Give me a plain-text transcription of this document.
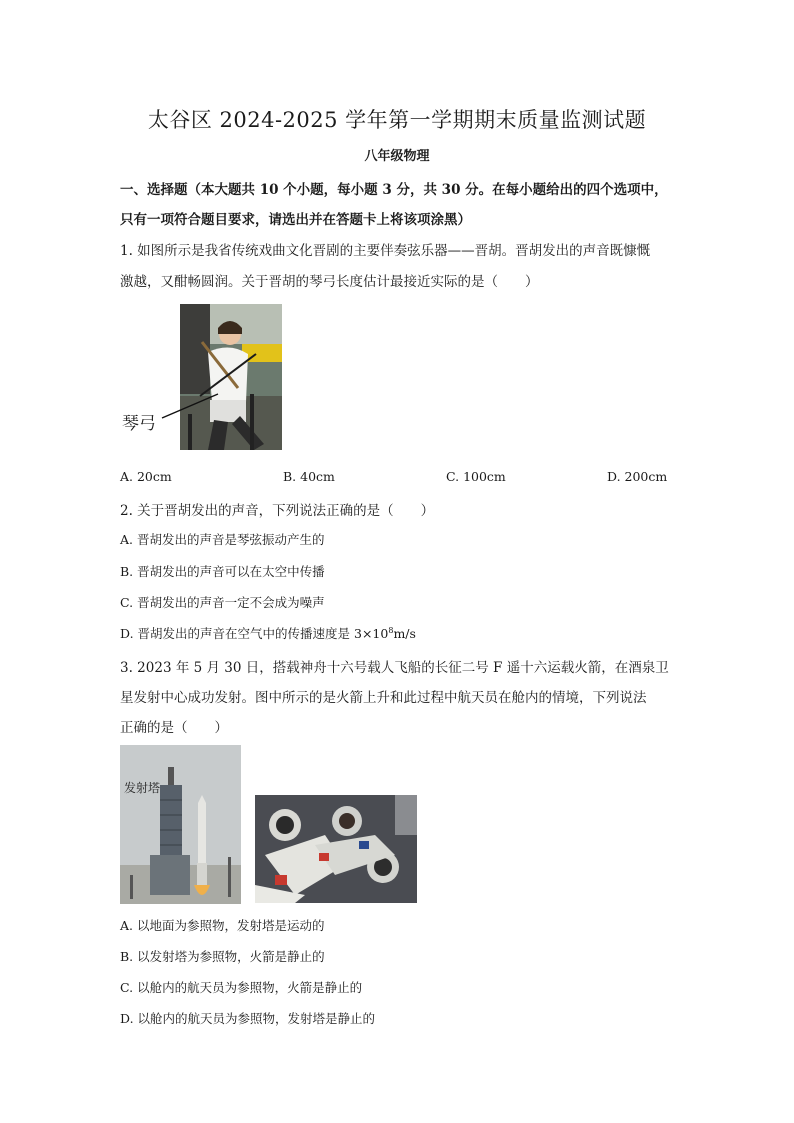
太谷区 2024-2025 学年第一学期期末质量监测试题
八年级物理
一、选择题（本大题共 10 个小题，每小题 3 分，共 30 分。在每小题给出的四个选项中，
只有一项符合题目要求，请选出并在答题卡上将该项涂黑）
1. 如图所示是我省传统戏曲文化晋剧的主要伴奏弦乐器——晋胡。晋胡发出的声音既慷慨
激越，又酣畅圆润。关于晋胡的琴弓长度估计最接近实际的是（　　）
琴弓
A. 20cm	B. 40cm	C. 100cm	D. 200cm
2. 关于晋胡发出的声音，下列说法正确的是（　　）
A. 晋胡发出的声音是琴弦振动产生的
B. 晋胡发出的声音可以在太空中传播
C. 晋胡发出的声音一定不会成为噪声
D. 晋胡发出的声音在空气中的传播速度是 $3\times 10^8m/s$
3. 2023 年 5 月 30 日，搭载神舟十六号载人飞船的长征二号 F 遥十六运载火箭，在酒泉卫
星发射中心成功发射。图中所示的是火箭上升和此过程中航天员在舱内的情境，下列说法
正确的是（　　）
发射塔
A. 以地面为参照物，发射塔是运动的
B. 以发射塔为参照物，火箭是静止的
C. 以舱内的航天员为参照物，火箭是静止的
D. 以舱内的航天员为参照物，发射塔是静止的
